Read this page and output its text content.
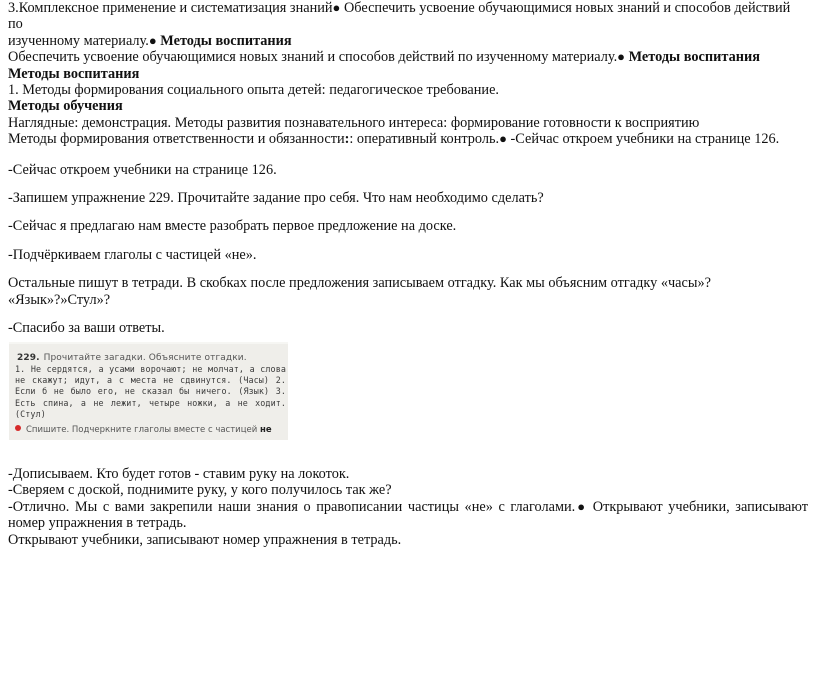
3.Комплексное применение и систематизация знаний● Обеспечить усвоение обучающимися новых знаний и способов действий по
изученному материалу.● Методы воспитания

Обеспечить усвоение обучающимися новых знаний и способов действий по изученному материалу.● Методы воспитания

Методы воспитания

1. Методы формирования социального опыта детей: педагогическое требование.

Методы обучения

Наглядные: демонстрация. Методы развития познавательного интереса: формирование готовности к восприятию

Методы формирования ответственности и обязанности:: оперативный контроль.● -Сейчас откроем учебники на странице 126.

-Сейчас откроем учебники на странице 126.

-Запишем упражнение 229. Прочитайте задание про себя. Что нам необходимо сделать?

-Сейчас я предлагаю нам вместе разобрать первое предложение на доске.

-Подчёркиваем глаголы с частицей «не».

Остальные пишут в тетради. В скобках после предложения записываем отгадку. Как мы объясним отгадку «часы»? «Язык»?»Стул»?

-Спасибо за ваши ответы.

-Дописываем. Кто будет готов - ставим руку на локоток.

-Сверяем с доской, поднимите руку, у кого получилось так же?

-Отлично. Мы с вами закрепили наши знания о правописании частицы «не» с глаголами.● Открывают учебники, записывают номер упражнения в тетрадь.

Открывают учебники, записывают номер упражнения в тетрадь.

229. Прочитайте загадки. Объясните отгадки.
1. Не сердятся, а усами ворочают; не молчат, а слова не скажут; идут, а с места не сдвинутся. (Часы) 2. Если б не было его, не сказал бы ничего. (Язык) 3. Есть спина, а не лежит, четыре ножки, а не ходит. (Стул)
Спишите. Подчеркните глаголы вместе с частицей не
